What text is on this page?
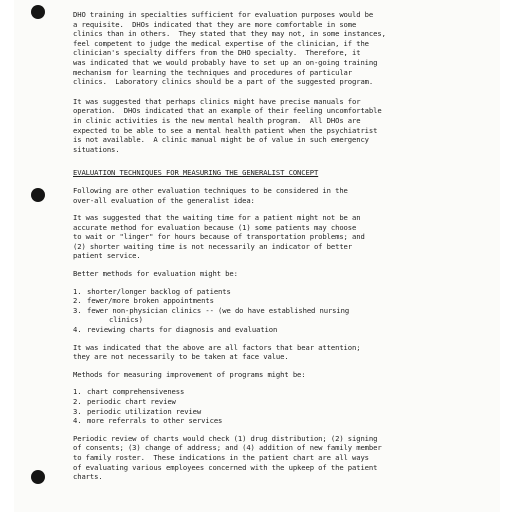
DHO training in specialties sufficient for evaluation purposes would be

a requisite.  DHOs indicated that they are more comfortable in some

clinics than in others.  They stated that they may not, in some instances,

feel competent to judge the medical expertise of the clinician, if the

clinician's specialty differs from the DHO specialty.  Therefore, it

was indicated that we would probably have to set up an on-going training

mechanism for learning the techniques and procedures of particular

clinics.  Laboratory clinics should be a part of the suggested program.

It was suggested that perhaps clinics might have precise manuals for

operation.  DHOs indicated that an example of their feeling uncomfortable

in clinic activities is the new mental health program.  All DHOs are

expected to be able to see a mental health patient when the psychiatrist

is not available.  A clinic manual might be of value in such emergency

situations.

EVALUATION TECHNIQUES FOR MEASURING THE GENERALIST CONCEPT

Following are other evaluation techniques to be considered in the

over-all evaluation of the generalist idea:

It was suggested that the waiting time for a patient might not be an

accurate method for evaluation because (1) some patients may choose

to wait or "linger" for hours because of transportation problems; and

(2) shorter waiting time is not necessarily an indicator of better

patient service.

Better methods for evaluation might be:

1. shorter/longer backlog of patients
2. fewer/more broken appointments
3. fewer non-physician clinics -- (we do have established nursing
clinics)
4. reviewing charts for diagnosis and evaluation

It was indicated that the above are all factors that bear attention;

they are not necessarily to be taken at face value.

Methods for measuring improvement of programs might be:

1. chart comprehensiveness
2. periodic chart review
3. periodic utilization review
4. more referrals to other services

Periodic review of charts would check (1) drug distribution; (2) signing

of consents; (3) change of address; and (4) addition of new family member

to family roster.  These indications in the patient chart are all ways

of evaluating various employees concerned with the upkeep of the patient

charts.
